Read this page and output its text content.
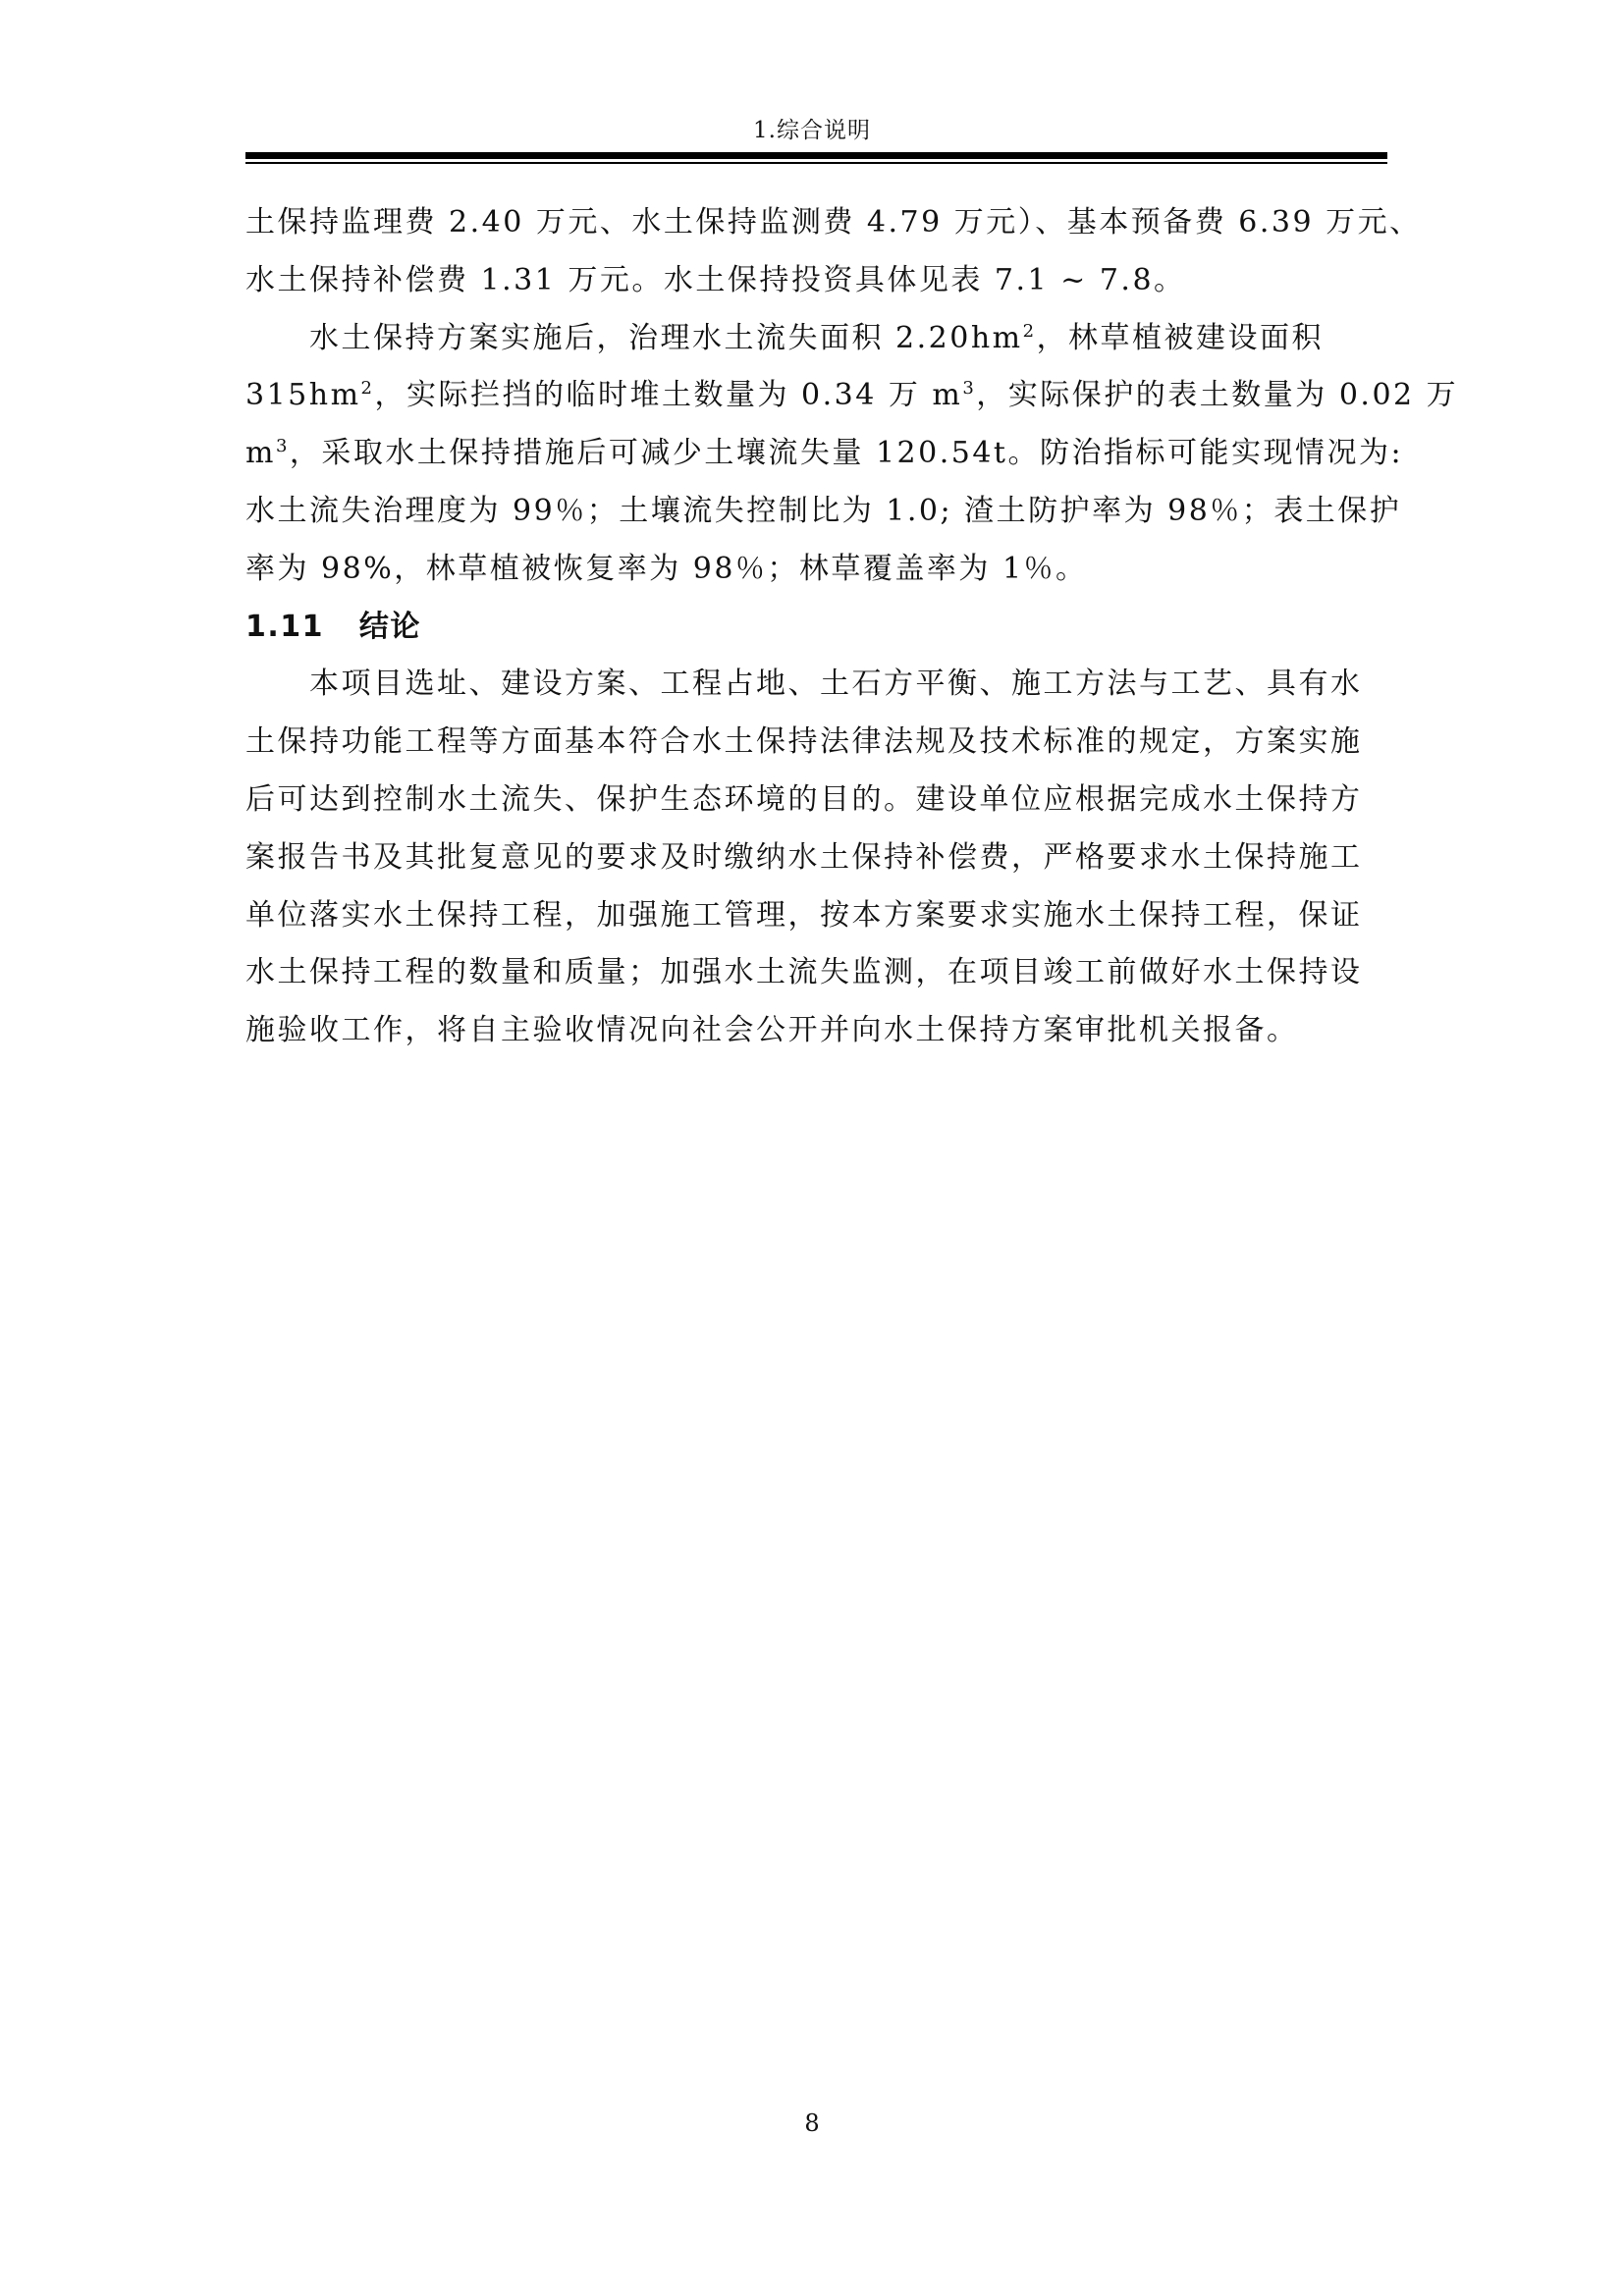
1.综合说明
土保持监理费 2.40 万元、水土保持监测费 4.79 万元）、基本预备费 6.39 万元、
水土保持补偿费 1.31 万元。水土保持投资具体见表 7.1 ~ 7.8。
水土保持方案实施后，治理水土流失面积 $2.20hm^2$，林草植被建设面积
$315hm^2$，实际拦挡的临时堆土数量为 0.34 万 $m^3$，实际保护的表土数量为 0.02 万
$m^3$，采取水土保持措施后可减少土壤流失量 120.54t。防治指标可能实现情况为:
水土流失治理度为 99％；土壤流失控制比为 1.0; 渣土防护率为 98％；表土保护
率为 98%，林草植被恢复率为 98％；林草覆盖率为 1％。
1.11 结论
本项目选址、建设方案、工程占地、土石方平衡、施工方法与工艺、具有水
土保持功能工程等方面基本符合水土保持法律法规及技术标准的规定，方案实施
后可达到控制水土流失、保护生态环境的目的。建设单位应根据完成水土保持方
案报告书及其批复意见的要求及时缴纳水土保持补偿费，严格要求水土保持施工
单位落实水土保持工程，加强施工管理，按本方案要求实施水土保持工程，保证
水土保持工程的数量和质量；加强水土流失监测，在项目竣工前做好水土保持设
施验收工作，将自主验收情况向社会公开并向水土保持方案审批机关报备。
8
